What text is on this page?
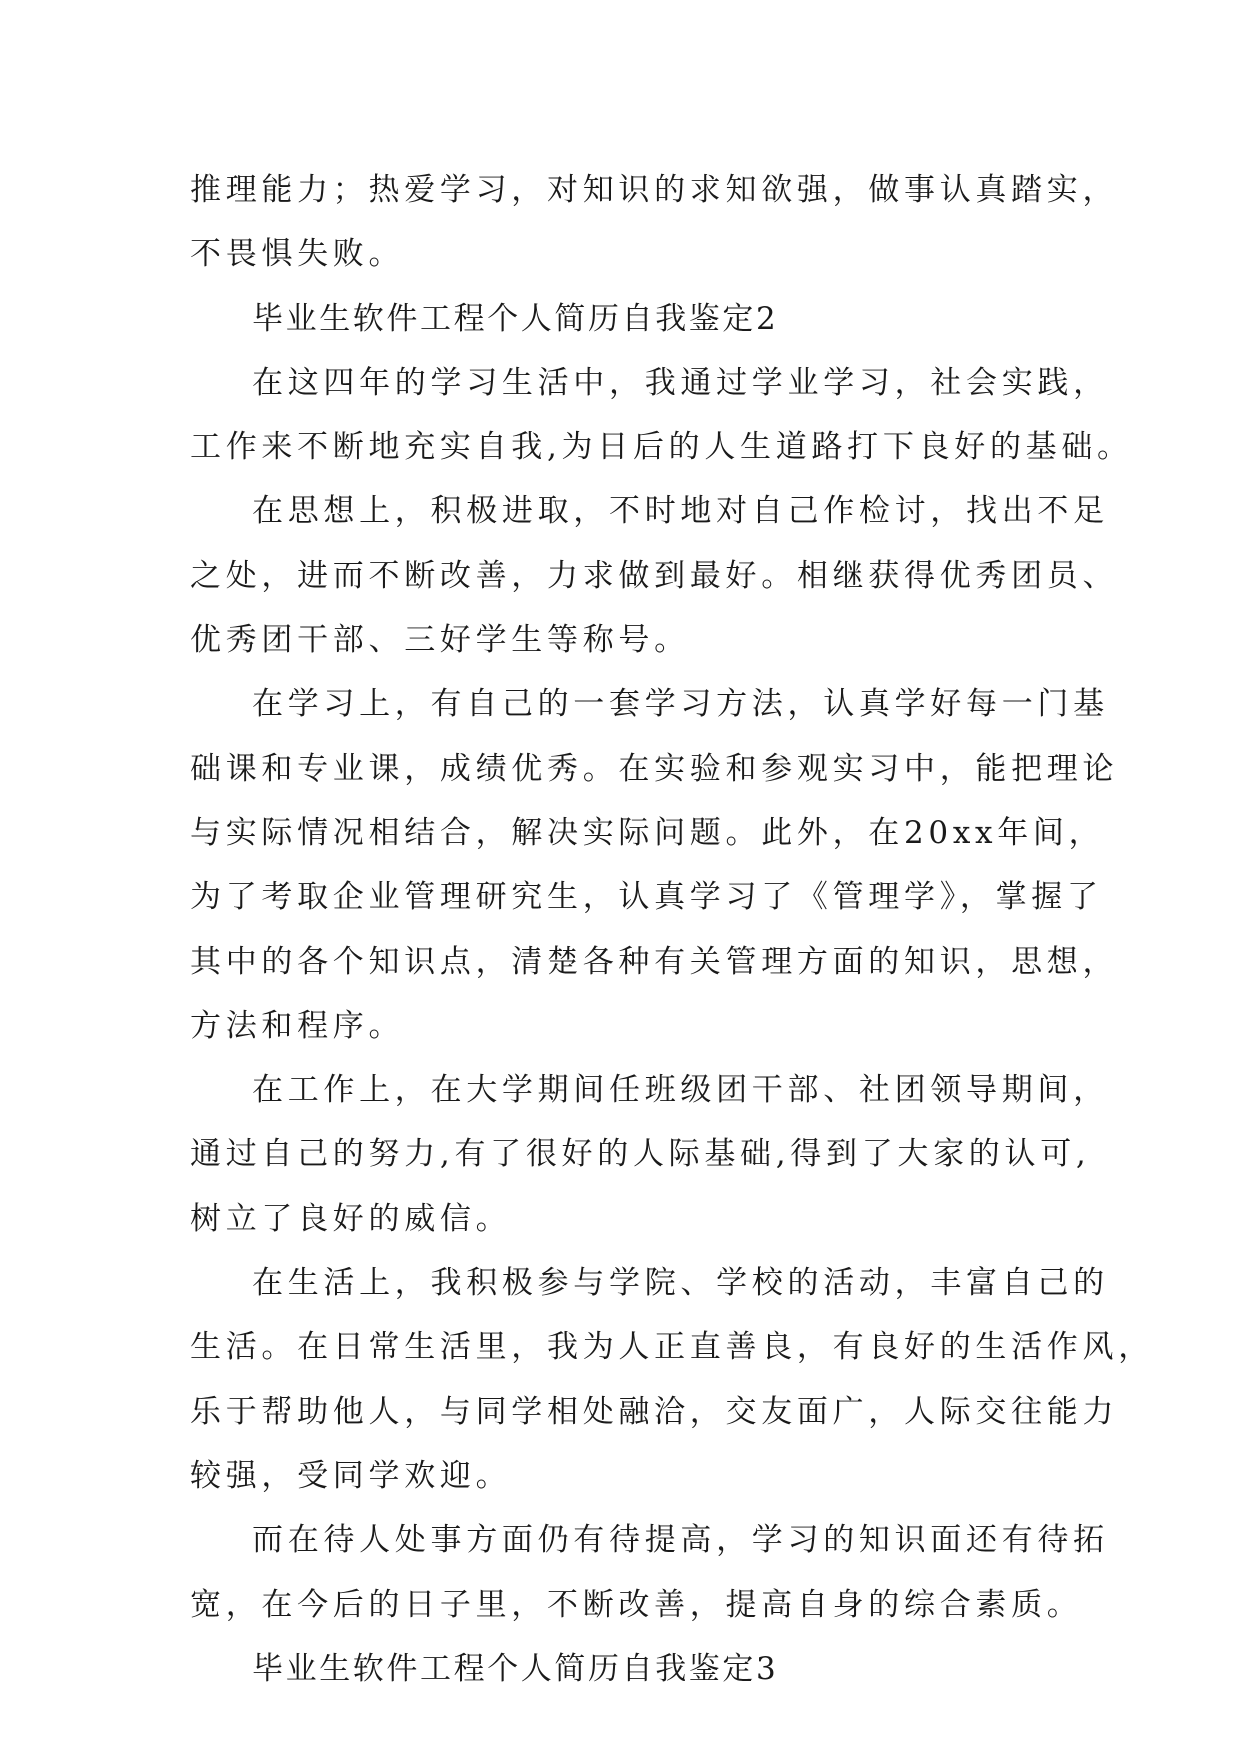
推理能力；热爱学习，对知识的求知欲强，做事认真踏实，
不畏惧失败。
毕业生软件工程个人简历自我鉴定2
在这四年的学习生活中，我通过学业学习，社会实践，
工作来不断地充实自我,为日后的人生道路打下良好的基础。
在思想上，积极进取，不时地对自己作检讨，找出不足
之处，进而不断改善，力求做到最好。相继获得优秀团员、
优秀团干部、三好学生等称号。
在学习上，有自己的一套学习方法，认真学好每一门基
础课和专业课，成绩优秀。在实验和参观实习中，能把理论
与实际情况相结合，解决实际问题。此外，在20xx年间，
为了考取企业管理研究生，认真学习了《管理学》，掌握了
其中的各个知识点，清楚各种有关管理方面的知识，思想，
方法和程序。
在工作上，在大学期间任班级团干部、社团领导期间，
通过自己的努力,有了很好的人际基础,得到了大家的认可,
树立了良好的威信。
在生活上，我积极参与学院、学校的活动，丰富自己的
生活。在日常生活里，我为人正直善良，有良好的生活作风，
乐于帮助他人，与同学相处融洽，交友面广，人际交往能力
较强，受同学欢迎。
而在待人处事方面仍有待提高，学习的知识面还有待拓
宽，在今后的日子里，不断改善，提高自身的综合素质。
毕业生软件工程个人简历自我鉴定3
